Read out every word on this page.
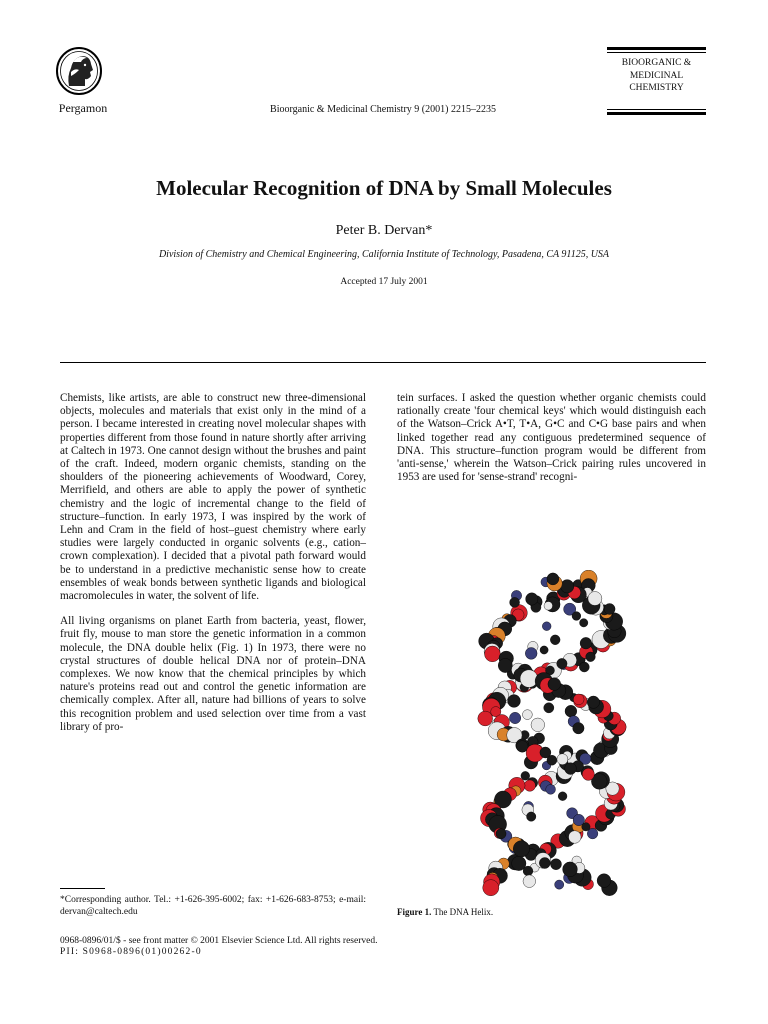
Pergamon	Bioorganic & Medicinal Chemistry 9 (2001) 2215–2235
BIOORGANIC &
MEDICINAL
CHEMISTRY
Molecular Recognition of DNA by Small Molecules
Peter B. Dervan*
Division of Chemistry and Chemical Engineering, California Institute of Technology, Pasadena, CA 91125, USA
Accepted 17 July 2001

Chemists, like artists, are able to construct new three-dimensional objects, molecules and materials that exist only in the mind of a person. I became interested in creating novel molecular shapes with properties different from those found in nature shortly after arriving at Caltech in 1973. One cannot design without the brushes and paint of the craft. Indeed, modern organic chemists, standing on the shoulders of the pioneering achievements of Woodward, Corey, Merrifield, and others are able to apply the power of synthetic chemistry and the logic of incremental change to the field of structure–function. In early 1973, I was inspired by the work of Lehn and Cram in the field of host–guest chemistry where early studies were largely conducted in organic solvents (e.g., cation–crown complexation). I decided that a pivotal path forward would be to understand in a predictive mechanistic sense how to create ensembles of weak bonds between synthetic ligands and biological macromolecules in water, the solvent of life.

All living organisms on planet Earth from bacteria, yeast, flower, fruit fly, mouse to man store the genetic information in a common molecule, the DNA double helix (Fig. 1) In 1973, there were no crystal structures of double helical DNA nor of protein–DNA complexes. We now know that the chemical principles by which nature's proteins read out and control the genetic information are chemically complex. After all, nature had billions of years to solve this recognition problem and used selection over time from a vast library of pro-

tein surfaces. I asked the question whether organic chemists could rationally create 'four chemical keys' which would distinguish each of the Watson–Crick A•T, T•A, G•C and C•G base pairs and when linked together read any contiguous predetermined sequence of DNA. This structure–function program would be different from 'anti-sense,' wherein the Watson–Crick pairing rules uncovered in 1953 are used for 'sense-strand' recogni-

Figure 1. The DNA Helix.
*Corresponding author. Tel.: +1-626-395-6002; fax: +1-626-683-8753; e-mail: dervan@caltech.edu
0968-0896/01/$ - see front matter © 2001 Elsevier Science Ltd. All rights reserved.
PII: S0968-0896(01)00262-0
